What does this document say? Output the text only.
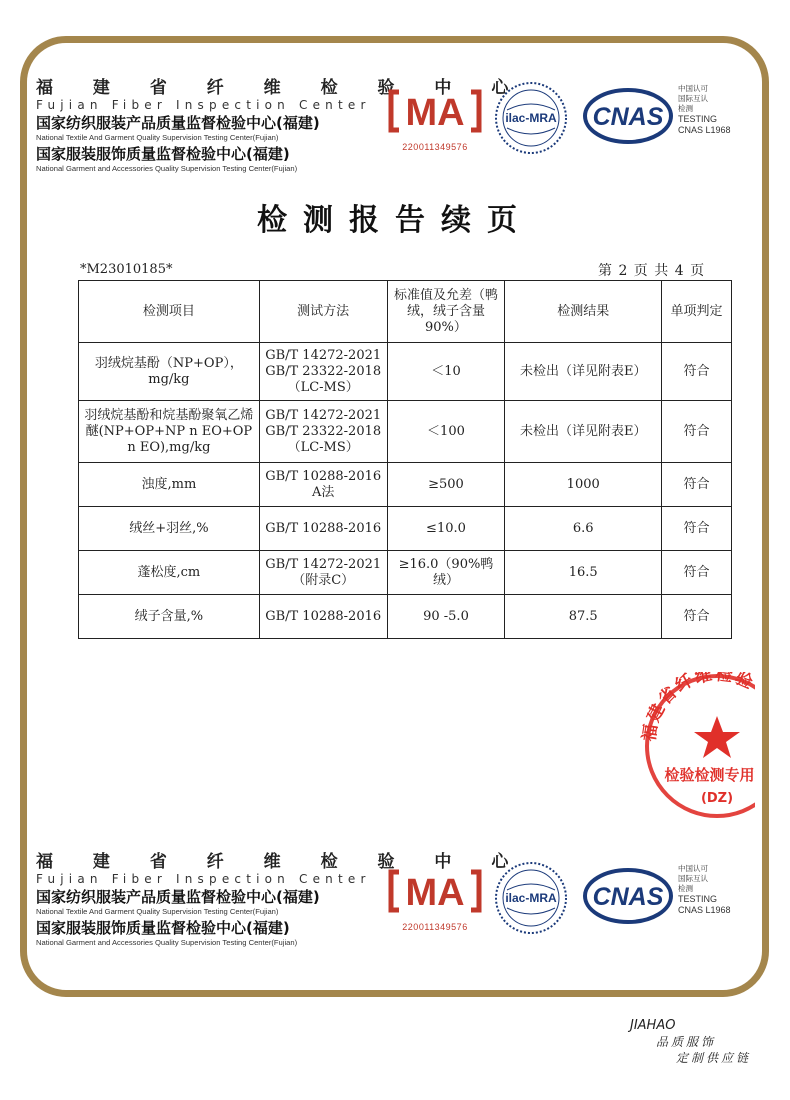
福 建 省 纤 维 检 验 中 心
Fujian Fiber Inspection Center
国家纺织服装产品质量监督检验中心(福建)
National Textile And Garment Quality Supervision Testing Center(Fujian)
国家服装服饰质量监督检验中心(福建)
National Garment and Accessories Quality Supervision Testing Center(Fujian)
MA
220011349576
ilac-MRA CNAS
中国认可
国际互认
检测
TESTING
CNAS L1968
检测报告续页
*M23010185*	第 2 页 共 4 页
检测项目	测试方法	标准值及允差（鸭绒，绒子含量90%）	检测结果	单项判定
羽绒烷基酚（NP+OP），mg/kg	GB/T 14272-2021 GB/T 23322-2018 （LC-MS）	＜10	未检出（详见附表E）	符合
羽绒烷基酚和烷基酚聚氧乙烯醚(NP+OP+NP n EO+OP n EO),mg/kg	GB/T 14272-2021 GB/T 23322-2018 （LC-MS）	＜100	未检出（详见附表E）	符合
浊度,mm	GB/T 10288-2016 A法	≥500	1000	符合
绒丝+羽丝,%	GB/T 10288-2016	≤10.0	6.6	符合
蓬松度,cm	GB/T 14272-2021 （附录C）	≥16.0（90%鸭绒）	16.5	符合
绒子含量,%	GB/T 10288-2016	90 -5.0	87.5	符合
福建省纤维检验
检验检测专用
(DZ)
福 建 省 纤 维 检 验 中 心
Fujian Fiber Inspection Center
国家纺织服装产品质量监督检验中心(福建)
National Textile And Garment Quality Supervision Testing Center(Fujian)
国家服装服饰质量监督检验中心(福建)
National Garment and Accessories Quality Supervision Testing Center(Fujian)
MA
220011349576
ilac-MRA CNAS
中国认可
国际互认
检测
TESTING
CNAS L1968
JIAHAO
品质服饰
定制供应链
